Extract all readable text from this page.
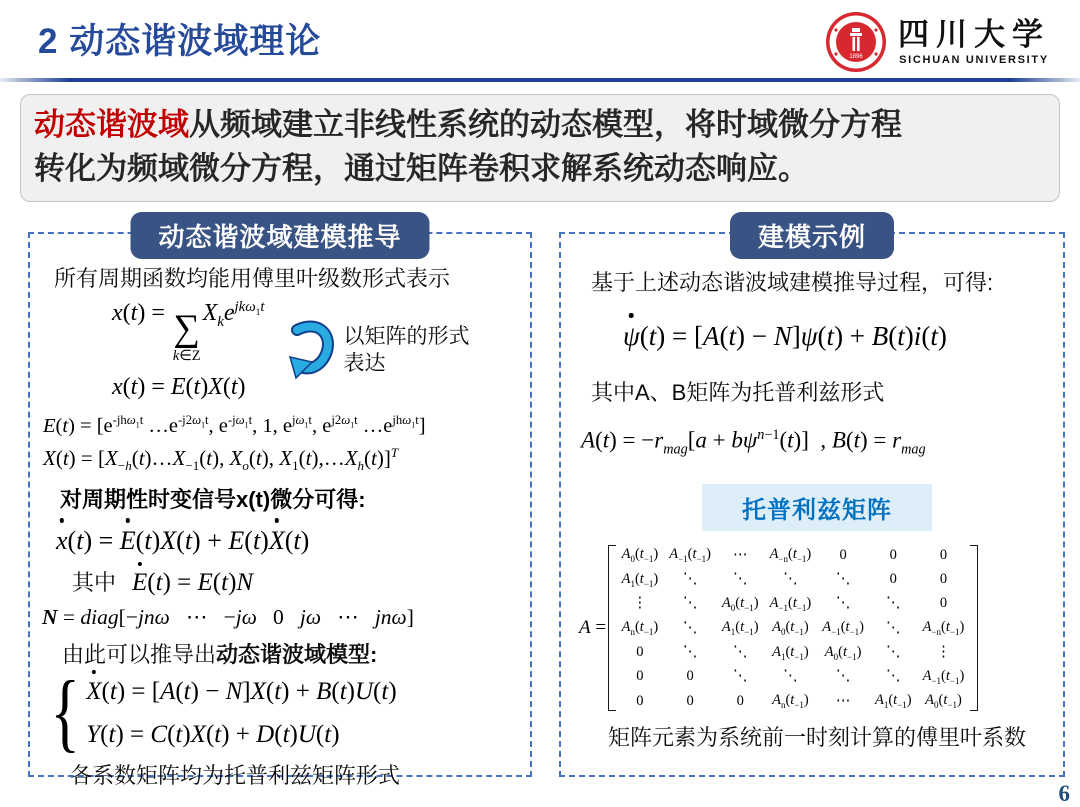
2 动态谐波域理论	1896
四川大学
SICHUAN UNIVERSITY
动态谐波域从频域建立非线性系统的动态模型，将时域微分方程
转化为频域微分方程，通过矩阵卷积求解系统动态响应。
动态谐波域建模推导

所有周期函数均能用傅里叶级数形式表示

x(t) = ∑
k∈Z
$X_ke^{jk\omega_1t}$
x(t) = E(t)X(t)
以矩阵的形式
表达
$E(t) = [e^{-jh\omega_1t}$ $\dots e^{-j2\omega_1t}$, $e^{-j\omega_1t}$, 1, $e^{j\omega_1t}$, $e^{j2\omega_1t}$ $\dots e^{jh\omega_1t}$]
$X(t) = [X_{-h}(t)\dots X_{-1}(t)$, $X_o(t)$, $X_1(t),\dots X_h(t)]^T$

对周期性时变信号x(t)微分可得:

x(t) = E(t)X(t) + E(t)X(t)
其中 E(t) = E(t)N
N = diag[−jnω   ⋯   −jω   0   jω   ⋯   jnω]

由此可以推导出动态谐波域模型:

{ X(t) = [A(t) − N]X(t) + B(t)U(t)
Y(t) = C(t)X(t) + D(t)U(t)

各系数矩阵均为托普利兹矩阵形式

建模示例

基于上述动态谐波域建模推导过程，可得:

ψ(t) = [A(t) − N]ψ(t) + B(t)i(t)

其中A、B矩阵为托普利兹形式

$A(t) = -r_{mag}[a + b\psi^{n-1}(t)]$  , $B(t) = r_{mag}$
托普利兹矩阵
A =
$A_0(t_{-1})$	$A_{-1}(t_{-1})$	⋯	$A_{-n}(t_{-1})$	0	0	0
$A_1(t_{-1})$	⋱	⋱	⋱	⋱	0	0
⋮	⋱	$A_0(t_{-1})$	$A_{-1}(t_{-1})$	⋱	⋱	0
$A_n(t_{-1})$	⋱	$A_1(t_{-1})$	$A_0(t_{-1})$	$A_{-1}(t_{-1})$	⋱	$A_{-n}(t_{-1})$
0	⋱	⋱	$A_1(t_{-1})$	$A_0(t_{-1})$	⋱	⋮
0	0	⋱	⋱	⋱	⋱	$A_{-1}(t_{-1})$
0	0	0	$A_n(t_{-1})$	⋯	$A_1(t_{-1})$	$A_0(t_{-1})$

矩阵元素为系统前一时刻计算的傅里叶系数

6
